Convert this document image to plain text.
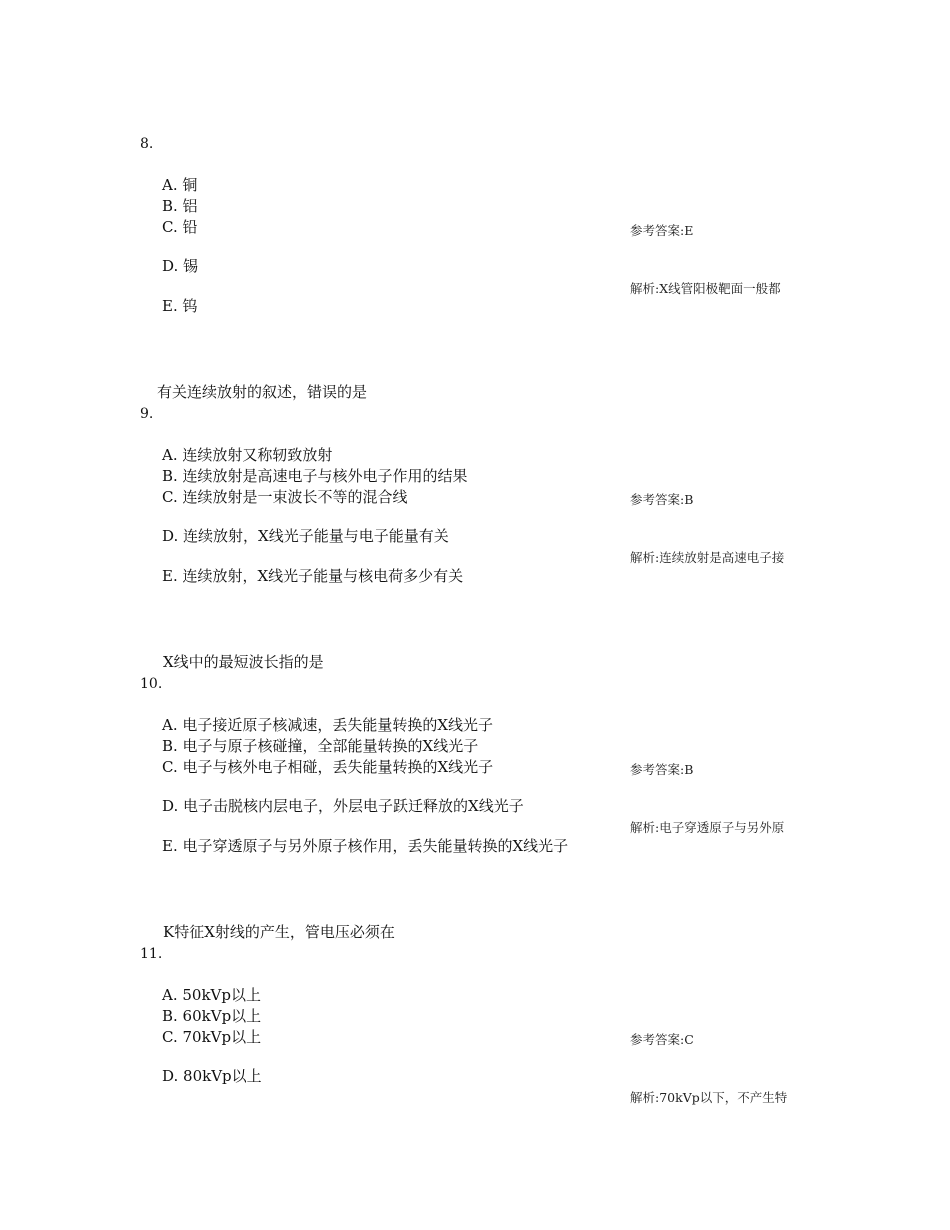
8.
A. 铜
B. 铝
C. 铅
D. 锡
E. 钨
参考答案:E
解析:X线管阳极靶面一般都
有关连续放射的叙述，错误的是
9.
A. 连续放射又称轫致放射
B. 连续放射是高速电子与核外电子作用的结果
C. 连续放射是一束波长不等的混合线
D. 连续放射，X线光子能量与电子能量有关
E. 连续放射，X线光子能量与核电荷多少有关
参考答案:B
解析:连续放射是高速电子接
X线中的最短波长指的是
10.
A. 电子接近原子核减速，丢失能量转换的X线光子
B. 电子与原子核碰撞，全部能量转换的X线光子
C. 电子与核外电子相碰，丢失能量转换的X线光子
D. 电子击脱核内层电子，外层电子跃迁释放的X线光子
E. 电子穿透原子与另外原子核作用，丢失能量转换的X线光子
参考答案:B
解析:电子穿透原子与另外原
K特征X射线的产生，管电压必须在
11.
A. 50kVp以上
B. 60kVp以上
C. 70kVp以上
D. 80kVp以上
参考答案:C
解析:70kVp以下，不产生特
